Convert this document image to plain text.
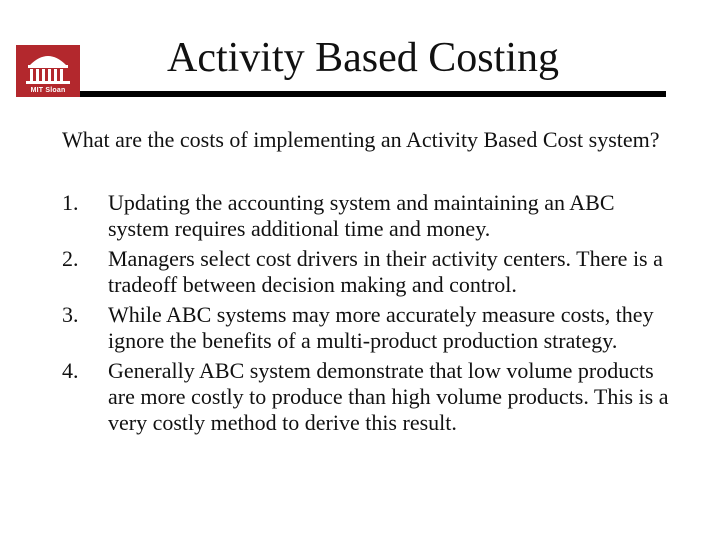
MIT Sloan
Activity Based Costing

What are the costs of implementing an Activity Based Cost system?

1. Updating the accounting system and maintaining an ABC
system requires additional time and money.
2. Managers select cost drivers in their activity centers. There is a
tradeoff between decision making and control.
3. While ABC systems may more accurately measure costs, they
ignore the benefits of a multi-product production strategy.
4. Generally ABC system demonstrate that low volume products
are more costly to produce than high volume products. This is a
very costly method to derive this result.
